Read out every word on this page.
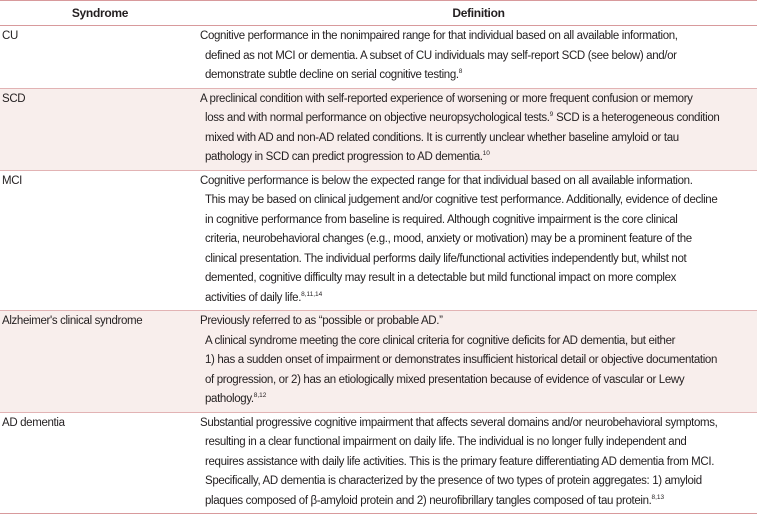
Syndrome	Definition
CU	Cognitive performance in the nonimpaired range for that individual based on all available information,
defined as not MCI or dementia. A subset of CU individuals may self-report SCD (see below) and/or
demonstrate subtle decline on serial cognitive testing.$^8$
SCD	A preclinical condition with self-reported experience of worsening or more frequent confusion or memory
loss and with normal performance on objective neuropsychological tests.$^9$ SCD is a heterogeneous condition
mixed with AD and non-AD related conditions. It is currently unclear whether baseline amyloid or tau
pathology in SCD can predict progression to AD dementia.$^{10}$
MCI	Cognitive performance is below the expected range for that individual based on all available information.
This may be based on clinical judgement and/or cognitive test performance. Additionally, evidence of decline
in cognitive performance from baseline is required. Although cognitive impairment is the core clinical
criteria, neurobehavioral changes (e.g., mood, anxiety or motivation) may be a prominent feature of the
clinical presentation. The individual performs daily life/functional activities independently but, whilst not
demented, cognitive difficulty may result in a detectable but mild functional impact on more complex
activities of daily life.$^{8,11,14}$
Alzheimer's clinical syndrome	Previously referred to as “possible or probable AD.”
A clinical syndrome meeting the core clinical criteria for cognitive deficits for AD dementia, but either
1) has a sudden onset of impairment or demonstrates insufficient historical detail or objective documentation
of progression, or 2) has an etiologically mixed presentation because of evidence of vascular or Lewy
pathology.$^{8,12}$
AD dementia	Substantial progressive cognitive impairment that affects several domains and/or neurobehavioral symptoms,
resulting in a clear functional impairment on daily life. The individual is no longer fully independent and
requires assistance with daily life activities. This is the primary feature differentiating AD dementia from MCI.
Specifically, AD dementia is characterized by the presence of two types of protein aggregates: 1) amyloid
plaques composed of β-amyloid protein and 2) neurofibrillary tangles composed of tau protein.$^{8,13}$
